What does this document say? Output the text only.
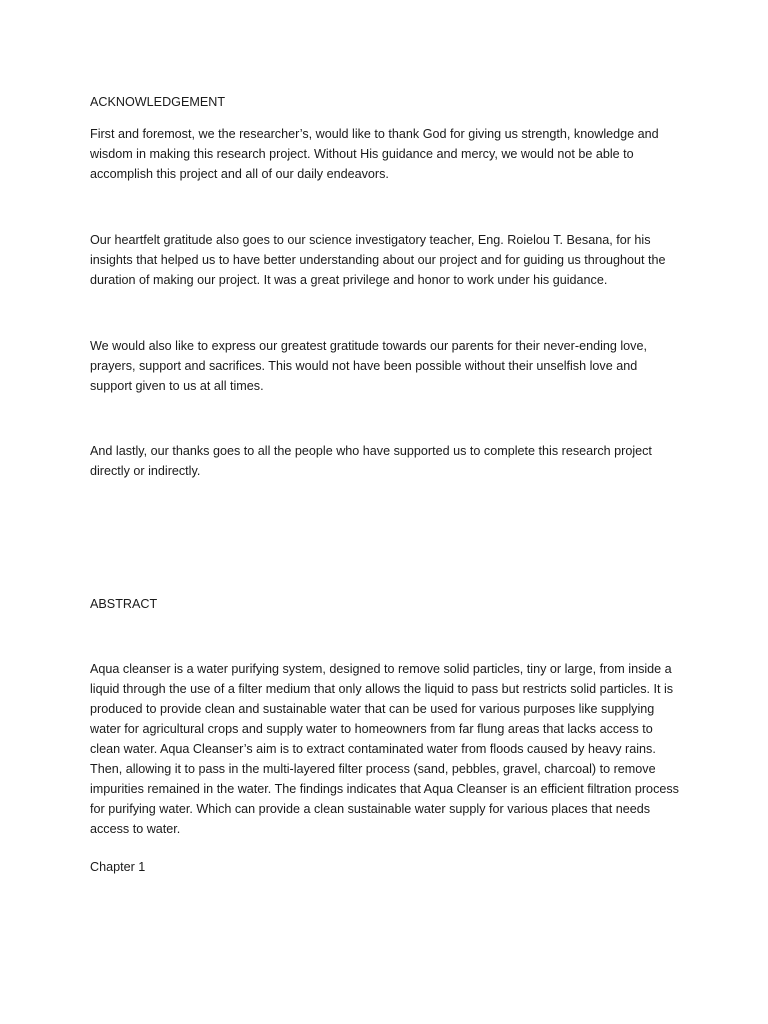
ACKNOWLEDGEMENT

First and foremost, we the researcher’s, would like to thank God for giving us strength, knowledge and wisdom in making this research project. Without His guidance and mercy, we would not be able to accomplish this project and all of our daily endeavors.

Our heartfelt gratitude also goes to our science investigatory teacher, Eng. Roielou T. Besana, for his insights that helped us to have better understanding about our project and for guiding us throughout the duration of making our project. It was a great privilege and honor to work under his guidance.

We would also like to express our greatest gratitude towards our parents for their never-ending love, prayers, support and sacrifices. This would not have been possible without their unselfish love and support given to us at all times.

And lastly, our thanks goes to all the people who have supported us to complete this research project directly or indirectly.

ABSTRACT

Aqua cleanser is a water purifying system, designed to remove solid particles, tiny or large, from inside a liquid through the use of a filter medium that only allows the liquid to pass but restricts solid particles. It is produced to provide clean and sustainable water that can be used for various purposes like supplying water for agricultural crops and supply water to homeowners from far flung areas that lacks access to clean water. Aqua Cleanser’s aim is to extract contaminated water from floods caused by heavy rains. Then, allowing it to pass in the multi-layered filter process (sand, pebbles, gravel, charcoal) to remove impurities remained in the water. The findings indicates that Aqua Cleanser is an efficient filtration process for purifying water. Which can provide a clean sustainable water supply for various places that needs access to water.

Chapter 1
